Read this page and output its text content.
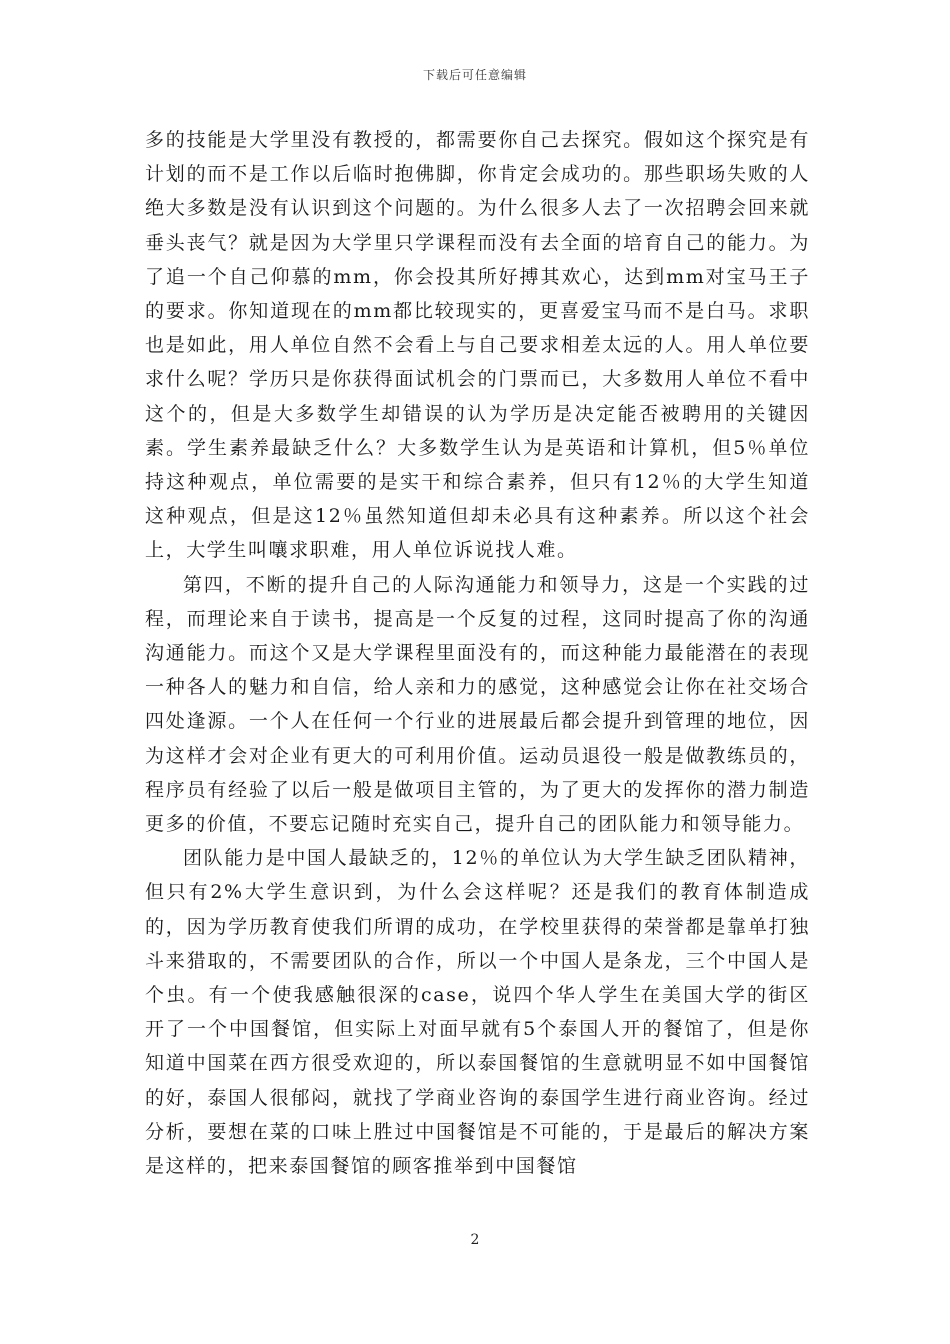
下载后可任意编辑

多的技能是大学里没有教授的，都需要你自己去探究。假如这个探究是有计划的而不是工作以后临时抱佛脚，你肯定会成功的。那些职场失败的人绝大多数是没有认识到这个问题的。为什么很多人去了一次招聘会回来就垂头丧气？就是因为大学里只学课程而没有去全面的培育自己的能力。为了追一个自己仰慕的mm，你会投其所好搏其欢心，达到mm对宝马王子的要求。你知道现在的mm都比较现实的，更喜爱宝马而不是白马。求职也是如此，用人单位自然不会看上与自己要求相差太远的人。用人单位要求什么呢？学历只是你获得面试机会的门票而已，大多数用人单位不看中这个的，但是大多数学生却错误的认为学历是决定能否被聘用的关键因素。学生素养最缺乏什么？大多数学生认为是英语和计算机，但5％单位持这种观点，单位需要的是实干和综合素养，但只有12％的大学生知道这种观点，但是这12％虽然知道但却未必具有这种素养。所以这个社会上，大学生叫嚷求职难，用人单位诉说找人难。

第四，不断的提升自己的人际沟通能力和领导力，这是一个实践的过程，而理论来自于读书，提高是一个反复的过程，这同时提高了你的沟通沟通能力。而这个又是大学课程里面没有的，而这种能力最能潜在的表现一种各人的魅力和自信，给人亲和力的感觉，这种感觉会让你在社交场合四处逢源。一个人在任何一个行业的进展最后都会提升到管理的地位，因为这样才会对企业有更大的可利用价值。运动员退役一般是做教练员的，程序员有经验了以后一般是做项目主管的，为了更大的发挥你的潜力制造更多的价值，不要忘记随时充实自己，提升自己的团队能力和领导能力。

团队能力是中国人最缺乏的，12％的单位认为大学生缺乏团队精神，但只有2%大学生意识到，为什么会这样呢？还是我们的教育体制造成的，因为学历教育使我们所谓的成功，在学校里获得的荣誉都是靠单打独斗来猎取的，不需要团队的合作，所以一个中国人是条龙，三个中国人是个虫。有一个使我感触很深的case，说四个华人学生在美国大学的街区开了一个中国餐馆，但实际上对面早就有5个泰国人开的餐馆了，但是你知道中国菜在西方很受欢迎的，所以泰国餐馆的生意就明显不如中国餐馆的好，泰国人很郁闷，就找了学商业咨询的泰国学生进行商业咨询。经过分析，要想在菜的口味上胜过中国餐馆是不可能的，于是最后的解决方案是这样的，把来泰国餐馆的顾客推举到中国餐馆

2
